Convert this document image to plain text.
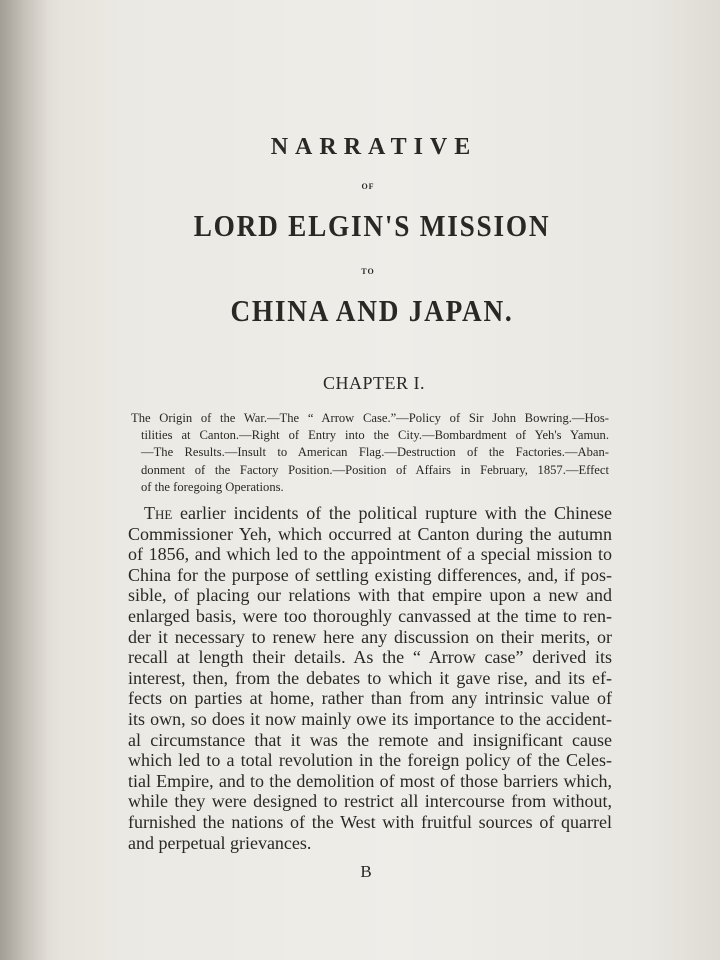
NARRATIVE
OF
LORD ELGIN'S MISSION
TO
CHINA AND JAPAN.
CHAPTER I.
The Origin of the War.—The “ Arrow Case.”—Policy of Sir John Bowring.—Hos-
tilities at Canton.—Right of Entry into the City.—Bombardment of Yeh's Yamun.
—The Results.—Insult to American Flag.—Destruction of the Factories.—Aban-
donment of the Factory Position.—Position of Affairs in February, 1857.—Effect
of the foregoing Operations.
The earlier incidents of the political rupture with the Chinese
Commissioner Yeh, which occurred at Canton during the autumn
of 1856, and which led to the appointment of a special mission to
China for the purpose of settling existing differences, and, if pos-
sible, of placing our relations with that empire upon a new and
enlarged basis, were too thoroughly canvassed at the time to ren-
der it necessary to renew here any discussion on their merits, or
recall at length their details. As the “ Arrow case” derived its
interest, then, from the debates to which it gave rise, and its ef-
fects on parties at home, rather than from any intrinsic value of
its own, so does it now mainly owe its importance to the accident-
al circumstance that it was the remote and insignificant cause
which led to a total revolution in the foreign policy of the Celes-
tial Empire, and to the demolition of most of those barriers which,
while they were designed to restrict all intercourse from without,
furnished the nations of the West with fruitful sources of quarrel
and perpetual grievances.
B
